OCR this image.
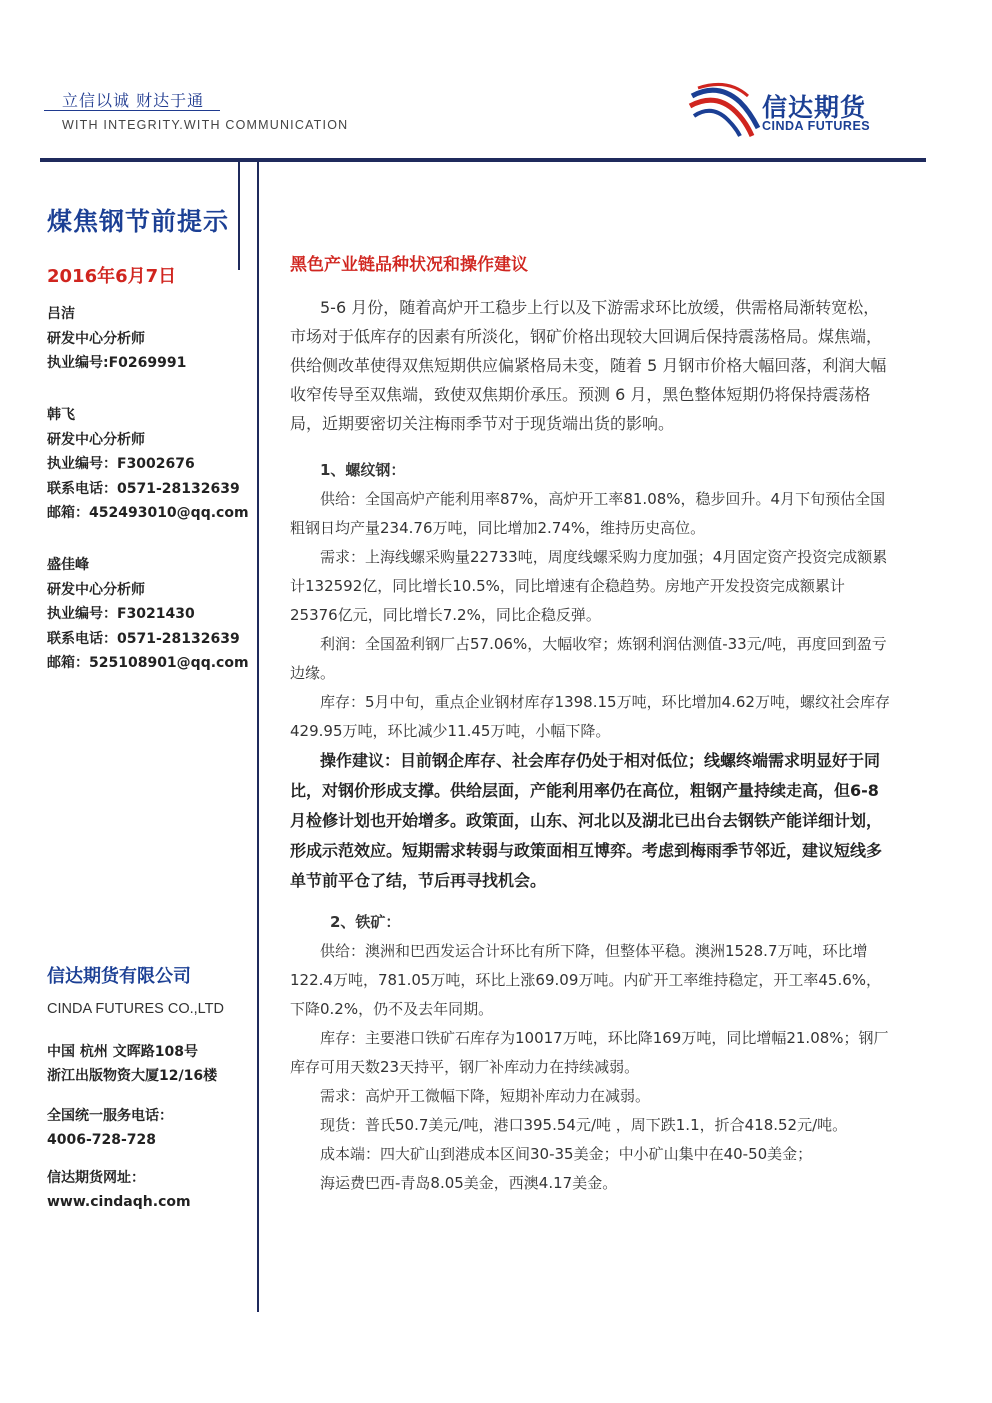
立信以诚 财达于通
WITH INTEGRITY.WITH COMMUNICATION
信达期货
CINDA FUTURES
煤焦钢节前提示
2016年6月7日
吕洁
研发中心分析师
执业编号:F0269991
韩飞
研发中心分析师
执业编号：F3002676
联系电话：0571-28132639
邮箱：452493010@qq.com
盛佳峰
研发中心分析师
执业编号：F3021430
联系电话：0571-28132639
邮箱：525108901@qq.com
信达期货有限公司
CINDA FUTURES CO.,LTD
中国 杭州 文晖路108号
浙江出版物资大厦12/16楼
全国统一服务电话：
4006-728-728
信达期货网址：
www.cindaqh.com
黑色产业链品种状况和操作建议

5-6 月份，随着高炉开工稳步上行以及下游需求环比放缓，供需格局渐转宽松，市场对于低库存的因素有所淡化，钢矿价格出现较大回调后保持震荡格局。煤焦端，供给侧改革使得双焦短期供应偏紧格局未变，随着 5 月钢市价格大幅回落，利润大幅收窄传导至双焦端，致使双焦期价承压。预测 6 月，黑色整体短期仍将保持震荡格局，近期要密切关注梅雨季节对于现货端出货的影响。

1、螺纹钢：

供给：全国高炉产能利用率87%，高炉开工率81.08%，稳步回升。4月下旬预估全国粗钢日均产量234.76万吨，同比增加2.74%，维持历史高位。

需求：上海线螺采购量22733吨，周度线螺采购力度加强；4月固定资产投资完成额累计132592亿，同比增长10.5%，同比增速有企稳趋势。房地产开发投资完成额累计25376亿元，同比增长7.2%，同比企稳反弹。

利润：全国盈利钢厂占57.06%，大幅收窄；炼钢利润估测值-33元/吨，再度回到盈亏边缘。

库存：5月中旬，重点企业钢材库存1398.15万吨，环比增加4.62万吨，螺纹社会库存429.95万吨，环比减少11.45万吨，小幅下降。

操作建议：目前钢企库存、社会库存仍处于相对低位；线螺终端需求明显好于同比，对钢价形成支撑。供给层面，产能利用率仍在高位，粗钢产量持续走高，但6-8月检修计划也开始增多。政策面，山东、河北以及湖北已出台去钢铁产能详细计划，形成示范效应。短期需求转弱与政策面相互博弈。考虑到梅雨季节邻近，建议短线多单节前平仓了结，节后再寻找机会。

2、铁矿：

供给：澳洲和巴西发运合计环比有所下降，但整体平稳。澳洲1528.7万吨，环比增122.4万吨，781.05万吨，环比上涨69.09万吨。内矿开工率维持稳定，开工率45.6%，下降0.2%，仍不及去年同期。

库存：主要港口铁矿石库存为10017万吨，环比降169万吨，同比增幅21.08%；钢厂库存可用天数23天持平，钢厂补库动力在持续减弱。

需求：高炉开工微幅下降，短期补库动力在减弱。

现货：普氏50.7美元/吨，港口395.54元/吨 ，周下跌1.1，折合418.52元/吨。

成本端：四大矿山到港成本区间30-35美金；中小矿山集中在40-50美金；

海运费巴西-青岛8.05美金，西澳4.17美金。
